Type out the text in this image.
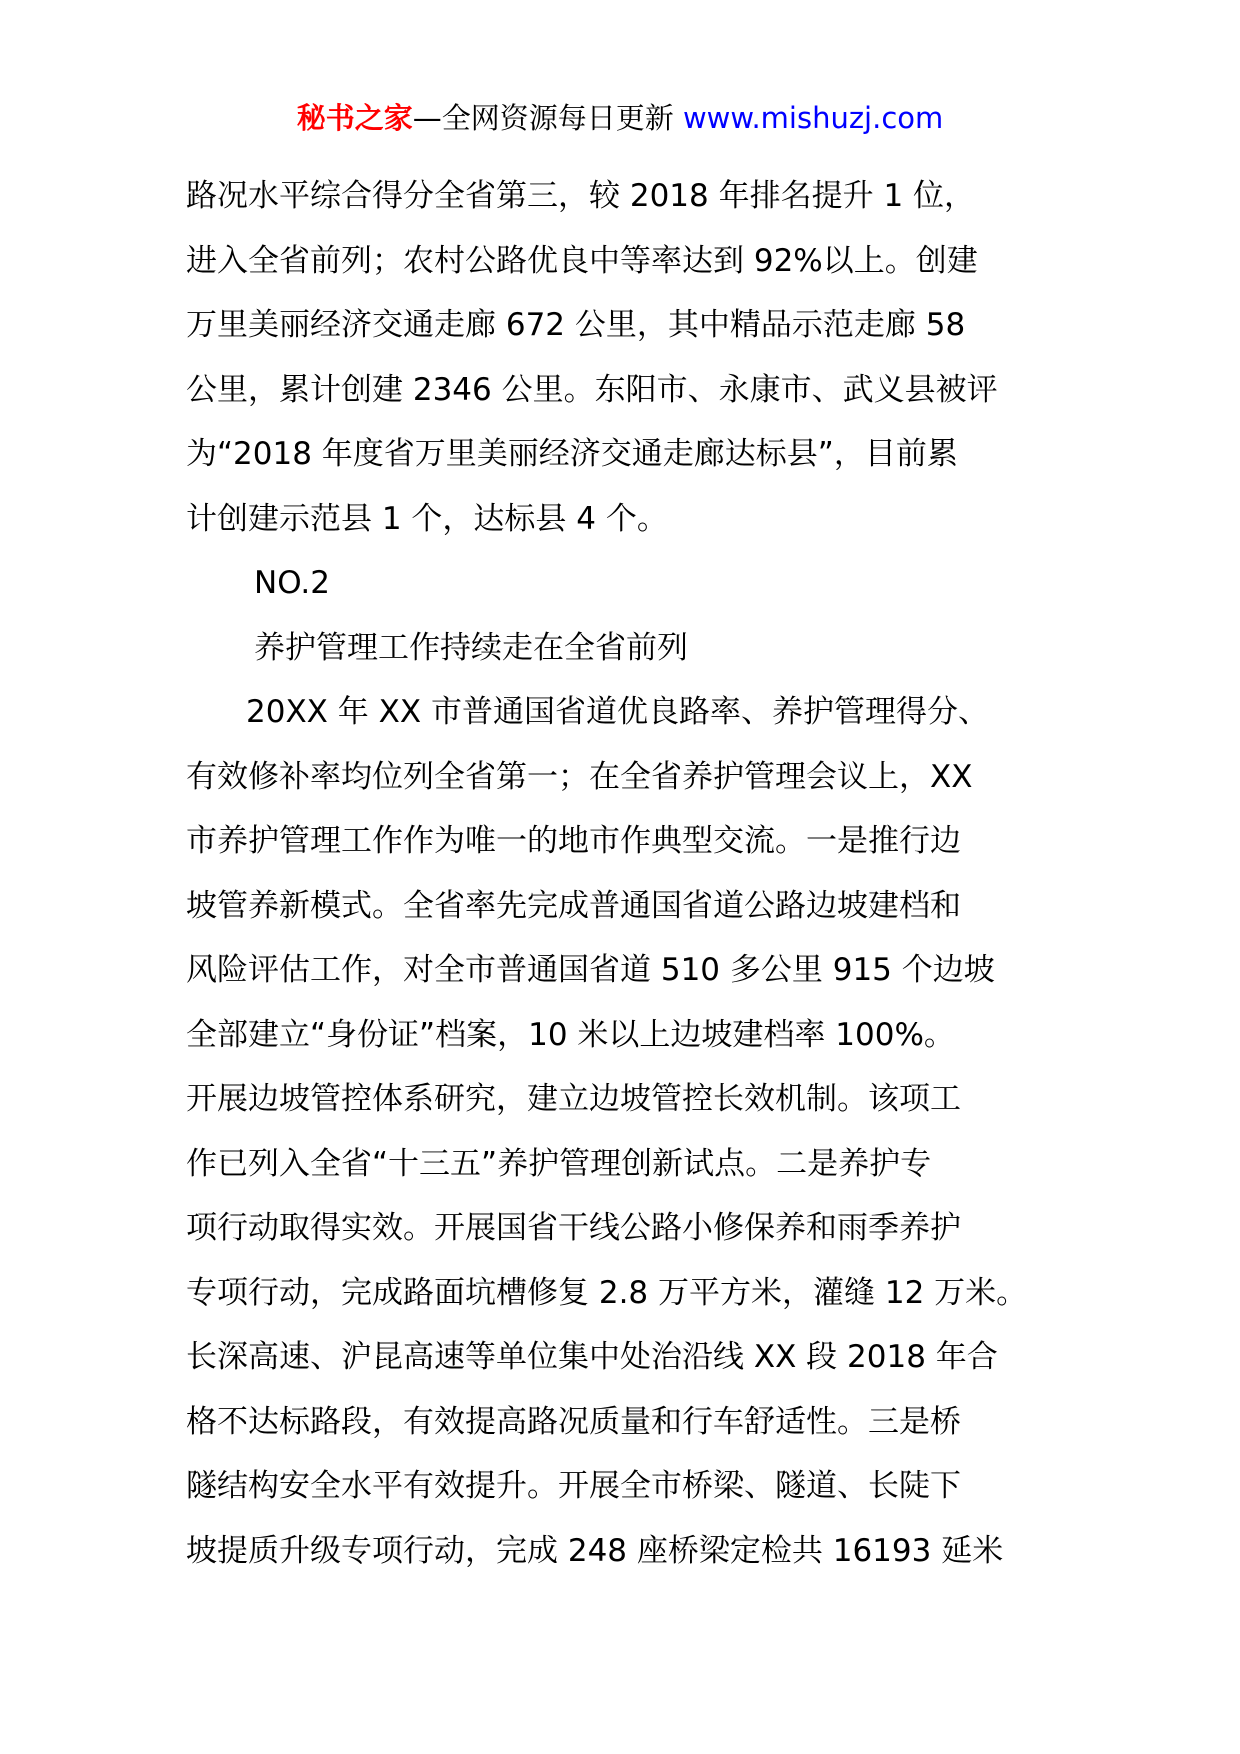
秘书之家—全网资源每日更新 www.mishuzj.com
路况水平综合得分全省第三，较 2018 年排名提升 1 位，
进入全省前列；农村公路优良中等率达到 92%以上。创建
万里美丽经济交通走廊 672 公里，其中精品示范走廊 58
公里，累计创建 2346 公里。东阳市、永康市、武义县被评
为“2018 年度省万里美丽经济交通走廊达标县”，目前累
计创建示范县 1 个，达标县 4 个。
NO.2
养护管理工作持续走在全省前列
20XX 年 XX 市普通国省道优良路率、养护管理得分、
有效修补率均位列全省第一；在全省养护管理会议上，XX
市养护管理工作作为唯一的地市作典型交流。一是推行边
坡管养新模式。全省率先完成普通国省道公路边坡建档和
风险评估工作，对全市普通国省道 510 多公里 915 个边坡
全部建立“身份证”档案，10 米以上边坡建档率 100%。
开展边坡管控体系研究，建立边坡管控长效机制。该项工
作已列入全省“十三五”养护管理创新试点。二是养护专
项行动取得实效。开展国省干线公路小修保养和雨季养护
专项行动，完成路面坑槽修复 2.8 万平方米，灌缝 12 万米。
长深高速、沪昆高速等单位集中处治沿线 XX 段 2018 年合
格不达标路段，有效提高路况质量和行车舒适性。三是桥
隧结构安全水平有效提升。开展全市桥梁、隧道、长陡下
坡提质升级专项行动，完成 248 座桥梁定检共 16193 延米
